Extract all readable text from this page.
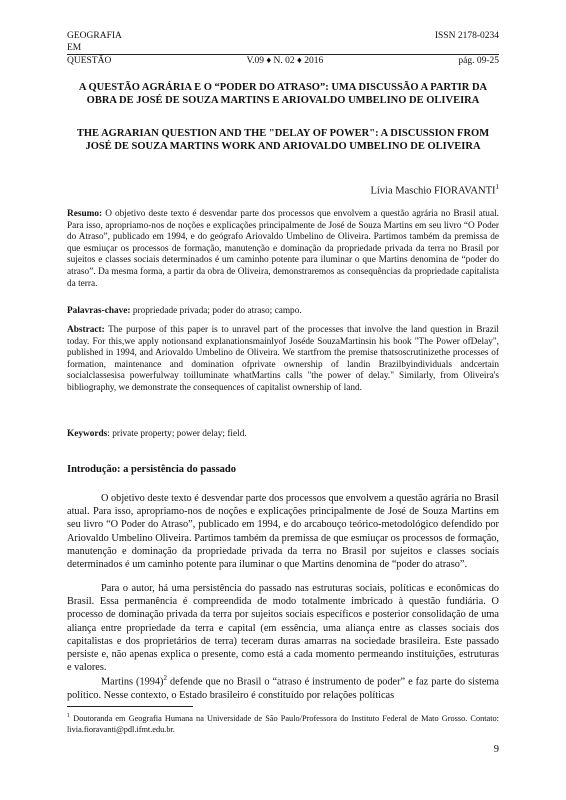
GEOGRAFIA	ISSN 2178-0234
EM
QUESTÃO	V.09 ♦ N. 02 ♦ 2016	pág. 09-25
A QUESTÃO AGRÁRIA E O “PODER DO ATRASO”: UMA DISCUSSÃO A PARTIR DA OBRA DE JOSÉ DE SOUZA MARTINS E ARIOVALDO UMBELINO DE OLIVEIRA
THE AGRARIAN QUESTION AND THE "DELAY OF POWER": A DISCUSSION FROM JOSÉ DE SOUZA MARTINS WORK AND ARIOVALDO UMBELINO DE OLIVEIRA
Lívia Maschio FIORAVANTI$^1$
Resumo: O objetivo deste texto é desvendar parte dos processos que envolvem a questão agrária no Brasil atual. Para isso, apropriamo-nos de noções e explicações principalmente de José de Souza Martins em seu livro “O Poder do Atraso”, publicado em 1994, e do geógrafo Ariovaldo Umbelino de Oliveira. Partimos também da premissa de que esmiuçar os processos de formação, manutenção e dominação da propriedade privada da terra no Brasil por sujeitos e classes sociais determinados é um caminho potente para iluminar o que Martins denomina de “poder do atraso”. Da mesma forma, a partir da obra de Oliveira, demonstraremos as consequências da propriedade capitalista da terra.
Palavras-chave: propriedade privada; poder do atraso; campo.
Abstract: The purpose of this paper is to unravel part of the processes that involve the land question in Brazil today. For this,we apply notionsand explanationsmainlyof Joséde SouzaMartinsin his book "The Power ofDelay", published in 1994, and Ariovaldo Umbelino de Oliveira. We startfrom the premise thatsoscrutinizethe processes of formation, maintenance and domination ofprivate ownership of landin Brazilbyindividuals andcertain socialclassesisa powerfulway toilluminate whatMartins calls "the power of delay." Similarly, from Oliveira's bibliography, we demonstrate the consequences of capitalist ownership of land.
Keywords: private property; power delay; field.
Introdução: a persistência do passado
O objetivo deste texto é desvendar parte dos processos que envolvem a questão agrária no Brasil atual. Para isso, apropriamo-nos de noções e explicações principalmente de José de Souza Martins em seu livro “O Poder do Atraso”, publicado em 1994, e do arcabouço teórico-metodológico defendido por Ariovaldo Umbelino Oliveira. Partimos também da premissa de que esmiuçar os processos de formação, manutenção e dominação da propriedade privada da terra no Brasil por sujeitos e classes sociais determinados é um caminho potente para iluminar o que Martins denomina de “poder do atraso”.
Para o autor, há uma persistência do passado nas estruturas sociais, políticas e econômicas do Brasil. Essa permanência é compreendida de modo totalmente imbricado à questão fundiária. O processo de dominação privada da terra por sujeitos sociais específicos e posterior consolidação de uma aliança entre propriedade da terra e capital (em essência, uma aliança entre as classes sociais dos capitalistas e dos proprietários de terra) teceram duras amarras na sociedade brasileira. Este passado persiste e, não apenas explica o presente, como está a cada momento permeando instituições, estruturas e valores.
Martins $(1994)^2$ defende que no Brasil o “atraso é instrumento de poder” e faz parte do sistema político. Nesse contexto, o Estado brasileiro é constituído por relações políticas
$^1$ Doutoranda em Geografia Humana na Universidade de São Paulo/Professora do Instituto Federal de Mato Grosso. Contato: livia.fioravanti@pdl.ifmt.edu.br.
9
